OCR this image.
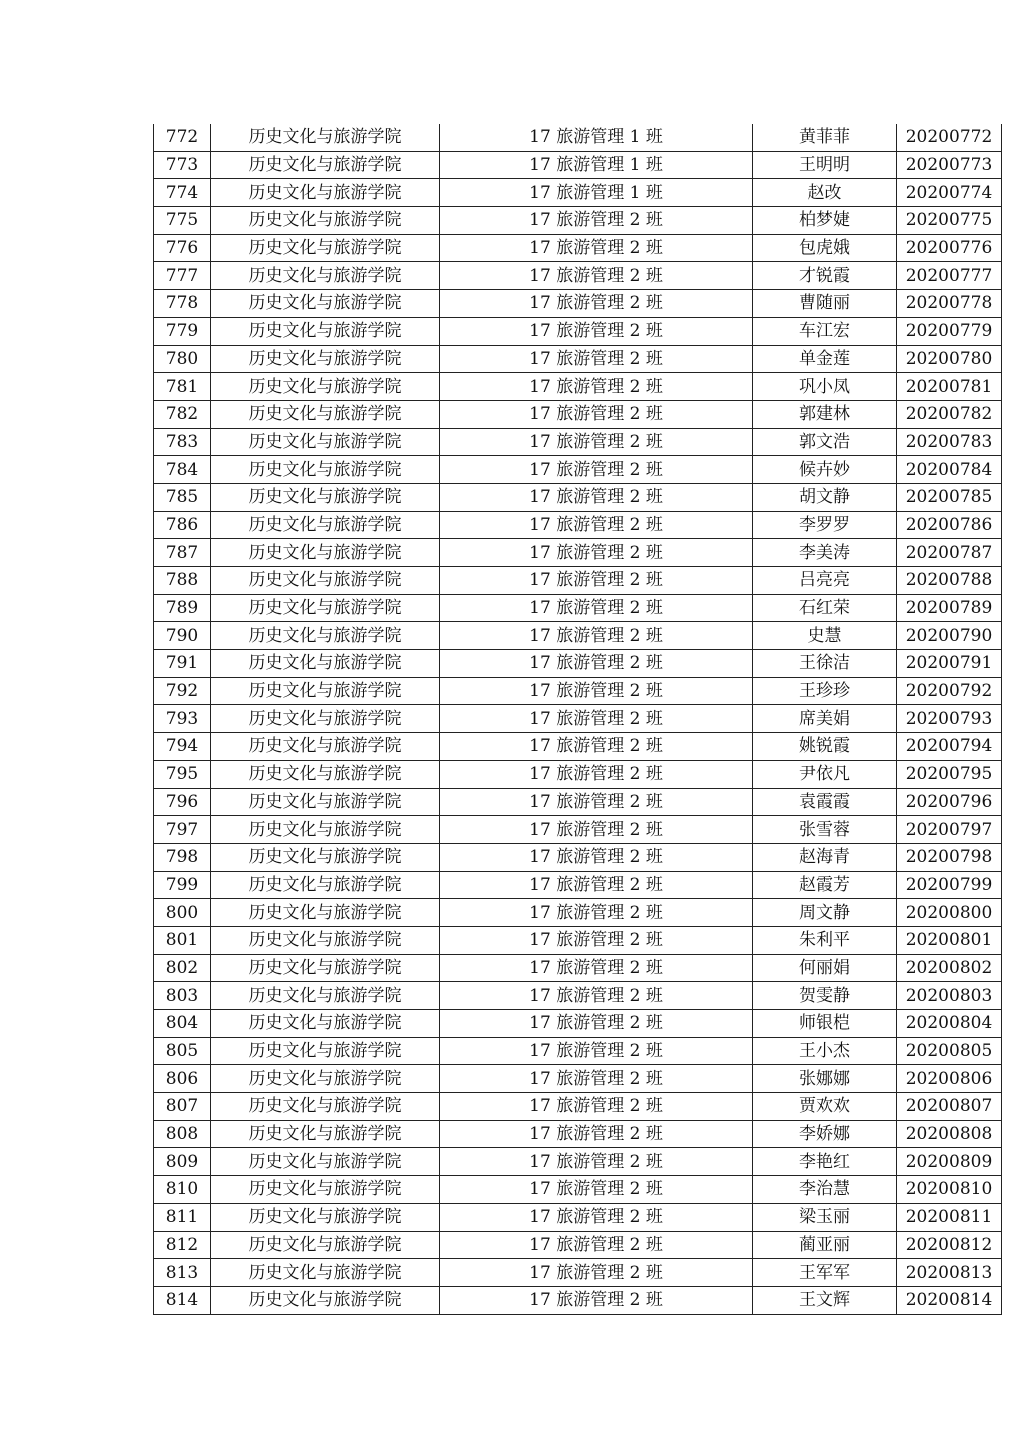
772	历史文化与旅游学院	17 旅游管理 1 班	黄菲菲	20200772
773	历史文化与旅游学院	17 旅游管理 1 班	王明明	20200773
774	历史文化与旅游学院	17 旅游管理 1 班	赵改	20200774
775	历史文化与旅游学院	17 旅游管理 2 班	柏梦婕	20200775
776	历史文化与旅游学院	17 旅游管理 2 班	包虎娥	20200776
777	历史文化与旅游学院	17 旅游管理 2 班	才锐霞	20200777
778	历史文化与旅游学院	17 旅游管理 2 班	曹随丽	20200778
779	历史文化与旅游学院	17 旅游管理 2 班	车江宏	20200779
780	历史文化与旅游学院	17 旅游管理 2 班	单金莲	20200780
781	历史文化与旅游学院	17 旅游管理 2 班	巩小凤	20200781
782	历史文化与旅游学院	17 旅游管理 2 班	郭建林	20200782
783	历史文化与旅游学院	17 旅游管理 2 班	郭文浩	20200783
784	历史文化与旅游学院	17 旅游管理 2 班	候卉妙	20200784
785	历史文化与旅游学院	17 旅游管理 2 班	胡文静	20200785
786	历史文化与旅游学院	17 旅游管理 2 班	李罗罗	20200786
787	历史文化与旅游学院	17 旅游管理 2 班	李美涛	20200787
788	历史文化与旅游学院	17 旅游管理 2 班	吕亮亮	20200788
789	历史文化与旅游学院	17 旅游管理 2 班	石红荣	20200789
790	历史文化与旅游学院	17 旅游管理 2 班	史慧	20200790
791	历史文化与旅游学院	17 旅游管理 2 班	王徐洁	20200791
792	历史文化与旅游学院	17 旅游管理 2 班	王珍珍	20200792
793	历史文化与旅游学院	17 旅游管理 2 班	席美娟	20200793
794	历史文化与旅游学院	17 旅游管理 2 班	姚锐霞	20200794
795	历史文化与旅游学院	17 旅游管理 2 班	尹依凡	20200795
796	历史文化与旅游学院	17 旅游管理 2 班	袁霞霞	20200796
797	历史文化与旅游学院	17 旅游管理 2 班	张雪蓉	20200797
798	历史文化与旅游学院	17 旅游管理 2 班	赵海青	20200798
799	历史文化与旅游学院	17 旅游管理 2 班	赵霞芳	20200799
800	历史文化与旅游学院	17 旅游管理 2 班	周文静	20200800
801	历史文化与旅游学院	17 旅游管理 2 班	朱利平	20200801
802	历史文化与旅游学院	17 旅游管理 2 班	何丽娟	20200802
803	历史文化与旅游学院	17 旅游管理 2 班	贺雯静	20200803
804	历史文化与旅游学院	17 旅游管理 2 班	师银桤	20200804
805	历史文化与旅游学院	17 旅游管理 2 班	王小杰	20200805
806	历史文化与旅游学院	17 旅游管理 2 班	张娜娜	20200806
807	历史文化与旅游学院	17 旅游管理 2 班	贾欢欢	20200807
808	历史文化与旅游学院	17 旅游管理 2 班	李娇娜	20200808
809	历史文化与旅游学院	17 旅游管理 2 班	李艳红	20200809
810	历史文化与旅游学院	17 旅游管理 2 班	李治慧	20200810
811	历史文化与旅游学院	17 旅游管理 2 班	梁玉丽	20200811
812	历史文化与旅游学院	17 旅游管理 2 班	蔺亚丽	20200812
813	历史文化与旅游学院	17 旅游管理 2 班	王军军	20200813
814	历史文化与旅游学院	17 旅游管理 2 班	王文辉	20200814
